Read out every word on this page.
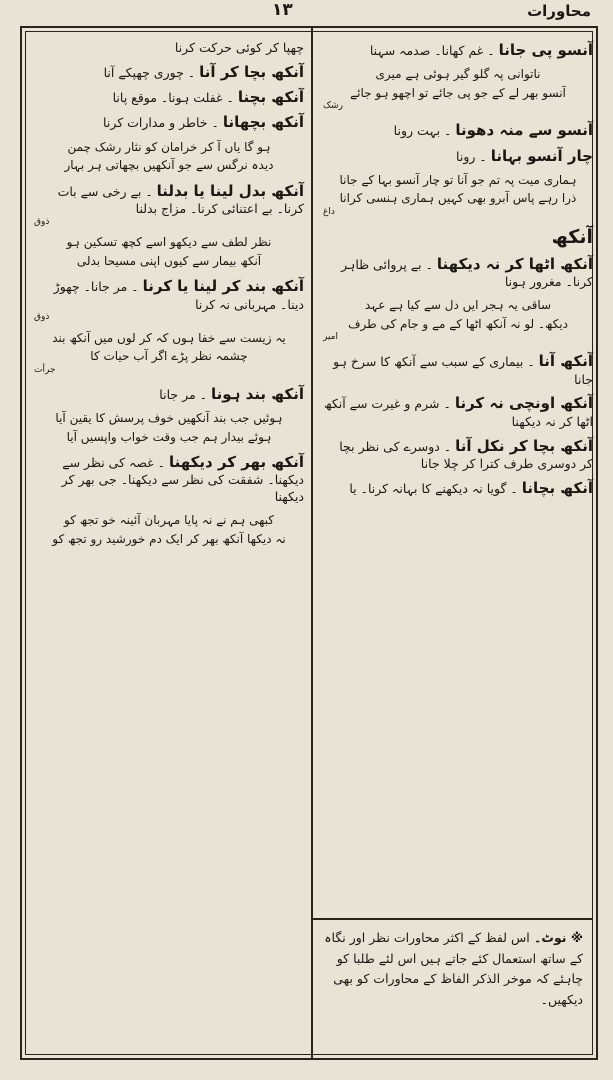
۱۳	محاورات
آنسو پی جانا ۔ غم کھانا۔ صدمہ سہنا
ناتوانی پہ گلو گیر ہوئی ہے میری
آنسو بھر لے کے جو پی جائے تو اچھو ہو جائے
رشک
آنسو سے منہ دھونا ۔ بہت رونا
چار آنسو بہانا ۔ رونا
ہماری میت پہ تم جو آنا تو چار آنسو بہا کے جانا
ذرا رہے پاس آبرو بھی کہیں ہماری ہنسی کرانا
داغ
آنکھ
آنکھ اٹھا کر نہ دیکھنا ۔ بے پروائی ظاہر کرنا۔ مغرور ہونا
ساقی یہ ہجر ایں دل سے کیا ہے عہد
دیکھ۔ لو نہ آنکھ اٹھا کے مے و جام کی طرف
امیر
آنکھ آنا ۔ بیماری کے سبب سے آنکھ کا سرخ ہو جانا
آنکھ اونچی نہ کرنا ۔ شرم و غیرت سے آنکھ اٹھا کر نہ دیکھنا
آنکھ بچا کر نکل آنا ۔ دوسرے کی نظر بچا کر دوسری طرف کترا کر چلا جانا
آنکھ بچانا ۔ گویا نہ دیکھنے کا بہانہ کرنا۔ یا
※ نوٹ۔ اس لفظ کے اکثر محاورات نظر اور نگاہ کے ساتھ استعمال کئے جاتے ہیں اس لئے طلبا کو چاہئے کہ موخر الذکر الفاظ کے محاورات کو بھی دیکھیں۔
چھپا کر کوئی حرکت کرنا
آنکھ بچا کر آنا ۔ چوری چھپکے آنا
آنکھ بچنا ۔ غفلت ہونا۔ موقع پانا
آنکھ بچھانا ۔ خاطر و مدارات کرنا
ہو گا یاں آ کر خرامان کو نثار رشک چمن
دیدہ نرگس سے جو آنکھیں بچھاتی ہر بہار
آنکھ بدل لینا یا بدلنا ۔ بے رخی سے بات کرنا۔ بے اعتنائی کرنا۔ مزاج بدلنا
ذوق
نظر لطف سے دیکھو اسے کچھ تسکین ہو
آنکھ بیمار سے کیوں اپنی مسیحا بدلی
آنکھ بند کر لینا یا کرنا ۔ مر جانا۔ چھوڑ دینا۔ مہربانی نہ کرنا
ذوق
یہ زیست سے خفا ہوں کہ کر لوں میں آنکھ بند
چشمہ نظر پڑے اگر آب حیات کا
جرأت
آنکھ بند ہونا ۔ مر جانا
ہوئیں جب بند آنکھیں خوف پرسش کا یقین آیا
ہوئے بیدار ہم جب وقت خواب واپسیں آیا
آنکھ بھر کر دیکھنا ۔ غصہ کی نظر سے دیکھنا۔ شفقت کی نظر سے دیکھنا۔ جی بھر کر دیکھنا
کبھی ہم نے نہ پایا مہربان آئینہ خو تجھ کو
نہ دیکھا آنکھ بھر کر ایک دم خورشید رو تجھ کو
